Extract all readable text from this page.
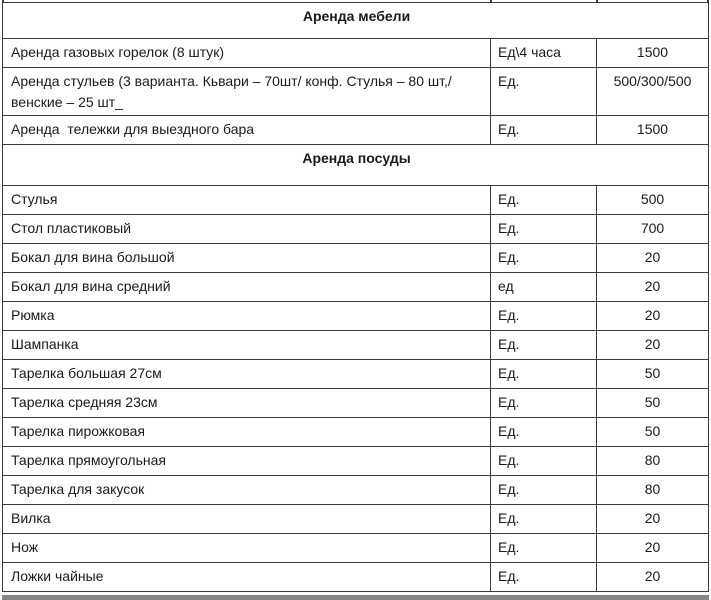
Аренда мебели		
Аренда газовых горелок (8 штук)	Ед\4 часа	1500
Аренда стульев (3 варианта. Кьвари – 70шт/ конф. Стулья – 80 шт,/венские – 25 шт_	Ед.	500/300/500
Аренда  тележки для выездного бара	Ед.	1500
Аренда посуды		
Стулья	Ед.	500
Стол пластиковый	Ед.	700
Бокал для вина большой	Ед.	20
Бокал для вина средний	ед	20
Рюмка	Ед.	20
Шампанка	Ед.	20
Тарелка большая 27см	Ед.	50
Тарелка средняя 23см	Ед.	50
Тарелка пирожковая	Ед.	50
Тарелка прямоугольная	Ед.	80
Тарелка для закусок	Ед.	80
Вилка	Ед.	20
Нож	Ед.	20
Ложки чайные	Ед.	20
